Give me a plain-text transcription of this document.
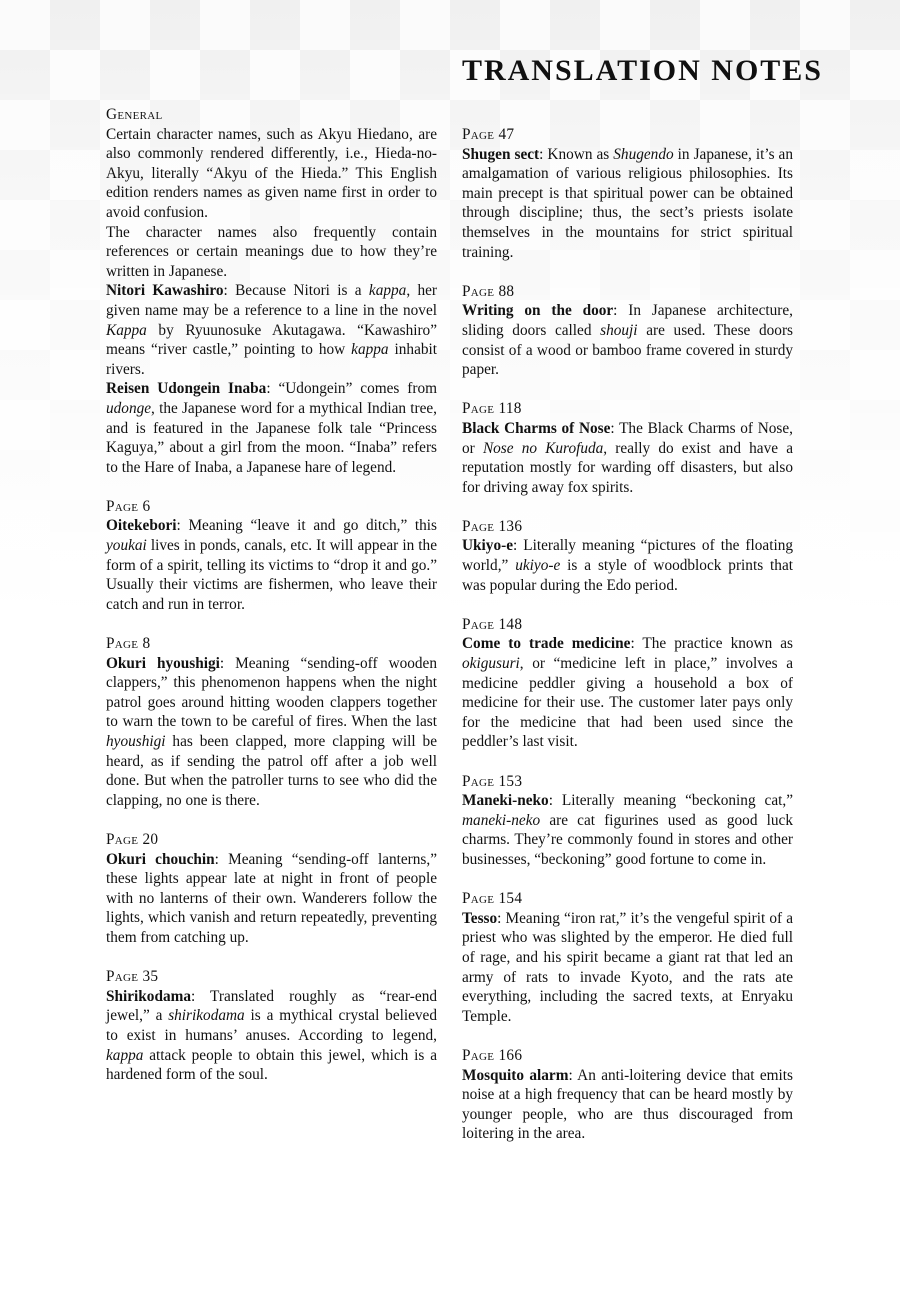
TRANSLATION NOTES
General

Certain character names, such as Akyu Hiedano, are also commonly rendered differently, i.e., Hieda-no-Akyu, literally “Akyu of the Hieda.” This English edition renders names as given name first in order to avoid confusion.

The character names also frequently contain references or certain meanings due to how they’re written in Japanese.

Nitori Kawashiro: Because Nitori is a kappa, her given name may be a reference to a line in the novel Kappa by Ryuunosuke Akutagawa. “Kawashiro” means “river castle,” pointing to how kappa inhabit rivers.

Reisen Udongein Inaba: “Udongein” comes from udonge, the Japanese word for a mythical Indian tree, and is featured in the Japanese folk tale “Princess Kaguya,” about a girl from the moon. “Inaba” refers to the Hare of Inaba, a Japanese hare of legend.

Page 6

Oitekebori: Meaning “leave it and go ditch,” this youkai lives in ponds, canals, etc. It will appear in the form of a spirit, telling its victims to “drop it and go.” Usually their victims are fishermen, who leave their catch and run in terror.

Page 8

Okuri hyoushigi: Meaning “sending-off wooden clappers,” this phenomenon happens when the night patrol goes around hitting wooden clappers together to warn the town to be careful of fires. When the last hyoushigi has been clapped, more clapping will be heard, as if sending the patrol off after a job well done. But when the patroller turns to see who did the clapping, no one is there.

Page 20

Okuri chouchin: Meaning “sending-off lanterns,” these lights appear late at night in front of people with no lanterns of their own. Wanderers follow the lights, which vanish and return repeatedly, preventing them from catching up.

Page 35

Shirikodama: Translated roughly as “rear-end jewel,” a shirikodama is a mythical crystal believed to exist in humans’ anuses. According to legend, kappa attack people to obtain this jewel, which is a hardened form of the soul.

Page 47

Shugen sect: Known as Shugendo in Japanese, it’s an amalgamation of various religious philosophies. Its main precept is that spiritual power can be obtained through discipline; thus, the sect’s priests isolate themselves in the mountains for strict spiritual training.

Page 88

Writing on the door: In Japanese architecture, sliding doors called shouji are used. These doors consist of a wood or bamboo frame covered in sturdy paper.

Page 118

Black Charms of Nose: The Black Charms of Nose, or Nose no Kurofuda, really do exist and have a reputation mostly for warding off disasters, but also for driving away fox spirits.

Page 136

Ukiyo-e: Literally meaning “pictures of the floating world,” ukiyo-e is a style of woodblock prints that was popular during the Edo period.

Page 148

Come to trade medicine: The practice known as okigusuri, or “medicine left in place,” involves a medicine peddler giving a household a box of medicine for their use. The customer later pays only for the medicine that had been used since the peddler’s last visit.

Page 153

Maneki-neko: Literally meaning “beckoning cat,” maneki-neko are cat figurines used as good luck charms. They’re commonly found in stores and other businesses, “beckoning” good fortune to come in.

Page 154

Tesso: Meaning “iron rat,” it’s the vengeful spirit of a priest who was slighted by the emperor. He died full of rage, and his spirit became a giant rat that led an army of rats to invade Kyoto, and the rats ate everything, including the sacred texts, at Enryaku Temple.

Page 166

Mosquito alarm: An anti-loitering device that emits noise at a high frequency that can be heard mostly by younger people, who are thus discouraged from loitering in the area.
